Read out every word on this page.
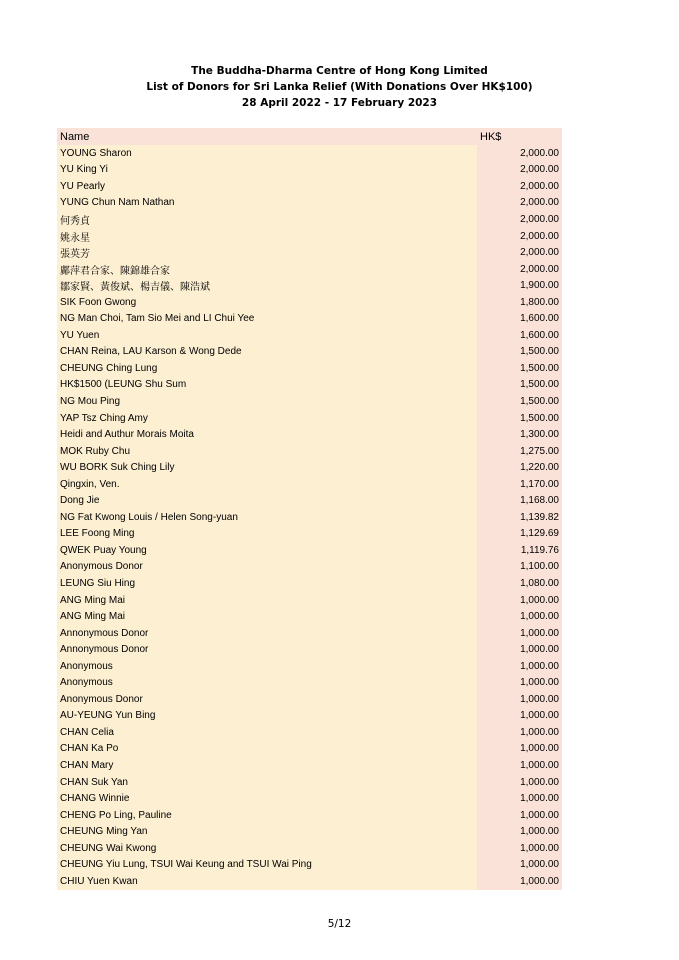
The Buddha-Dharma Centre of Hong Kong Limited
List of Donors for Sri Lanka Relief (With Donations Over HK$100)
28 April 2022 - 17 February 2023
Name	HK$
YOUNG Sharon	2,000.00
YU King Yi	2,000.00
YU Pearly	2,000.00
YUNG Chun Nam Nathan	2,000.00
何秀貞	2,000.00
姚永星	2,000.00
張英芳	2,000.00
鄺萍君合家、陳錦雄合家	2,000.00
鄒家賢、黃俊斌、楊吉儀、陳浩斌	1,900.00
SIK Foon Gwong	1,800.00
NG Man Choi, Tam Sio Mei and LI Chui Yee	1,600.00
YU Yuen	1,600.00
CHAN Reina, LAU Karson & Wong Dede	1,500.00
CHEUNG Ching Lung	1,500.00
HK$1500 (LEUNG Shu Sum	1,500.00
NG Mou Ping	1,500.00
YAP Tsz Ching Amy	1,500.00
Heidi and Authur Morais Moita	1,300.00
MOK Ruby Chu	1,275.00
WU BORK Suk Ching Lily	1,220.00
Qingxin, Ven.	1,170.00
Dong Jie	1,168.00
NG Fat Kwong Louis / Helen Song-yuan	1,139.82
LEE Foong Ming	1,129.69
QWEK Puay Young	1,119.76
Anonymous Donor	1,100.00
LEUNG Siu Hing	1,080.00
ANG Ming Mai	1,000.00
ANG Ming Mai	1,000.00
Annonymous Donor	1,000.00
Annonymous Donor	1,000.00
Anonymous	1,000.00
Anonymous	1,000.00
Anonymous Donor	1,000.00
AU-YEUNG Yun Bing	1,000.00
CHAN Celia	1,000.00
CHAN Ka Po	1,000.00
CHAN Mary	1,000.00
CHAN Suk Yan	1,000.00
CHANG Winnie	1,000.00
CHENG Po Ling, Pauline	1,000.00
CHEUNG Ming Yan	1,000.00
CHEUNG Wai Kwong	1,000.00
CHEUNG Yiu Lung, TSUI Wai Keung and TSUI Wai Ping	1,000.00
CHIU Yuen Kwan	1,000.00
5/12
